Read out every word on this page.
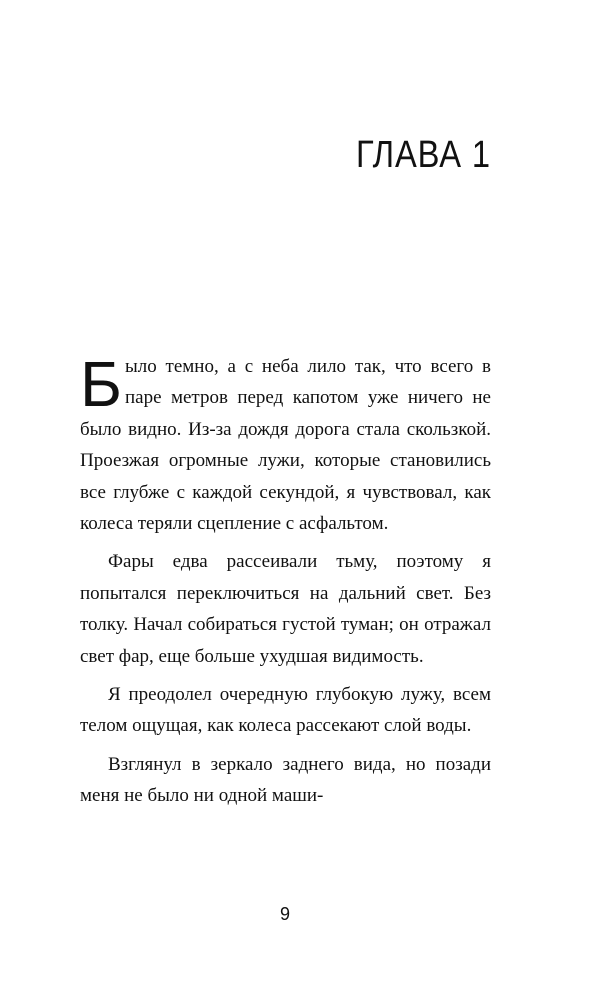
ГЛАВА 1

Было темно, а с неба лило так, что всего в паре метров перед капотом уже ничего не было видно. Из-за дождя дорога стала скользкой. Проезжая огромные лужи, которые становились все глубже с каждой секундой, я чувствовал, как колеса теряли сцепление с асфальтом.

Фары едва рассеивали тьму, поэтому я попытался переключиться на дальний свет. Без толку. Начал собираться густой туман; он отражал свет фар, еще больше ухудшая видимость.

Я преодолел очередную глубокую лужу, всем телом ощущая, как колеса рассекают слой воды.

Взглянул в зеркало заднего вида, но позади меня не было ни одной маши-

9
